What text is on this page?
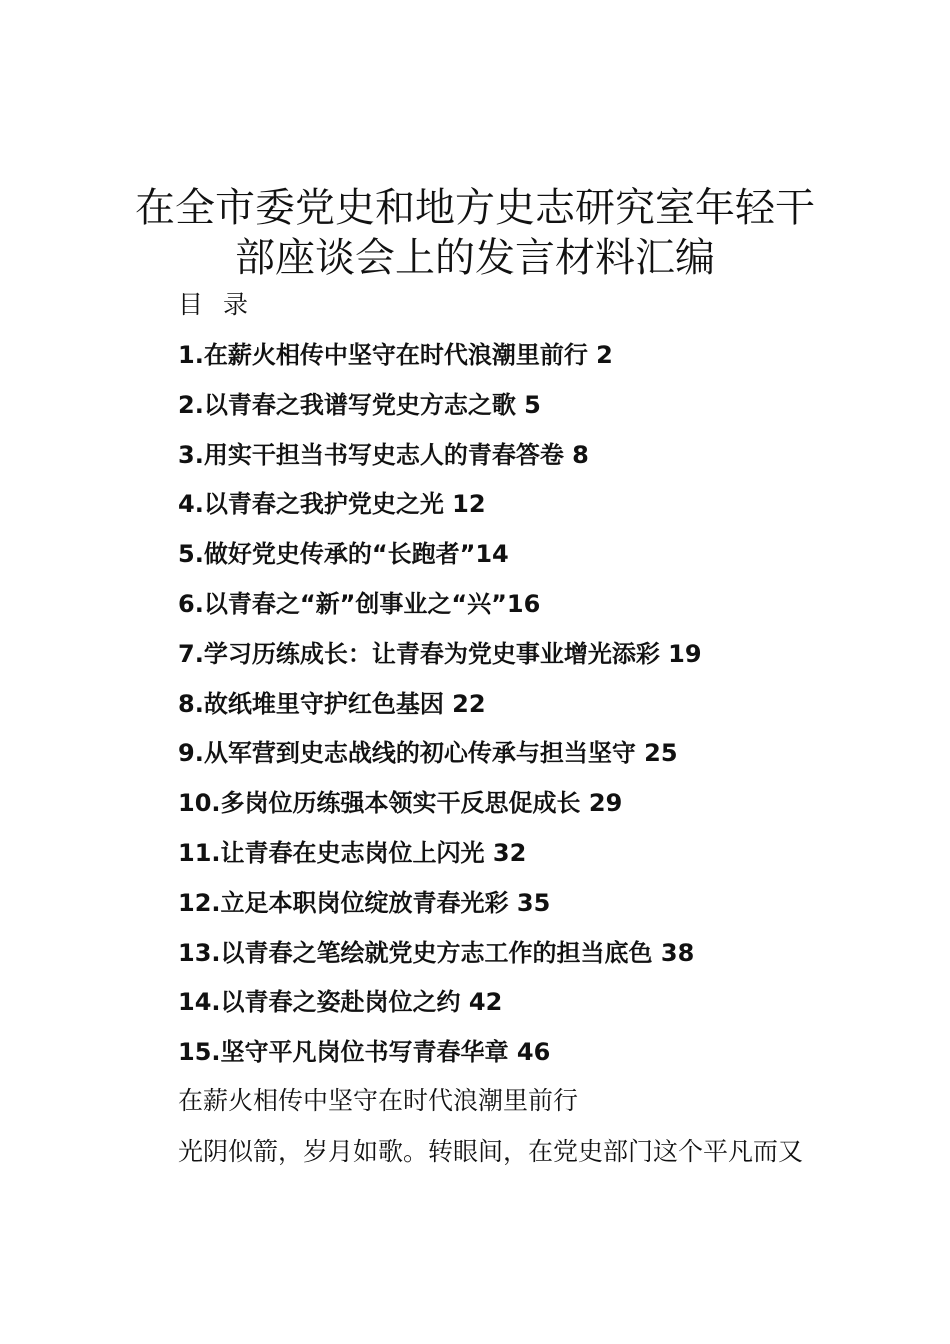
在全市委党史和地方史志研究室年轻干
部座谈会上的发言材料汇编
目 录
1.在薪火相传中坚守在时代浪潮里前行 2
2.以青春之我谱写党史方志之歌 5
3.用实干担当书写史志人的青春答卷 8
4.以青春之我护党史之光 12
5.做好党史传承的“长跑者”14
6.以青春之“新”创事业之“兴”16
7.学习历练成长：让青春为党史事业增光添彩 19
8.故纸堆里守护红色基因 22
9.从军营到史志战线的初心传承与担当坚守 25
10.多岗位历练强本领实干反思促成长 29
11.让青春在史志岗位上闪光 32
12.立足本职岗位绽放青春光彩 35
13.以青春之笔绘就党史方志工作的担当底色 38
14.以青春之姿赴岗位之约 42
15.坚守平凡岗位书写青春华章 46
在薪火相传中坚守在时代浪潮里前行
光阴似箭，岁月如歌。转眼间，在党史部门这个平凡而又
